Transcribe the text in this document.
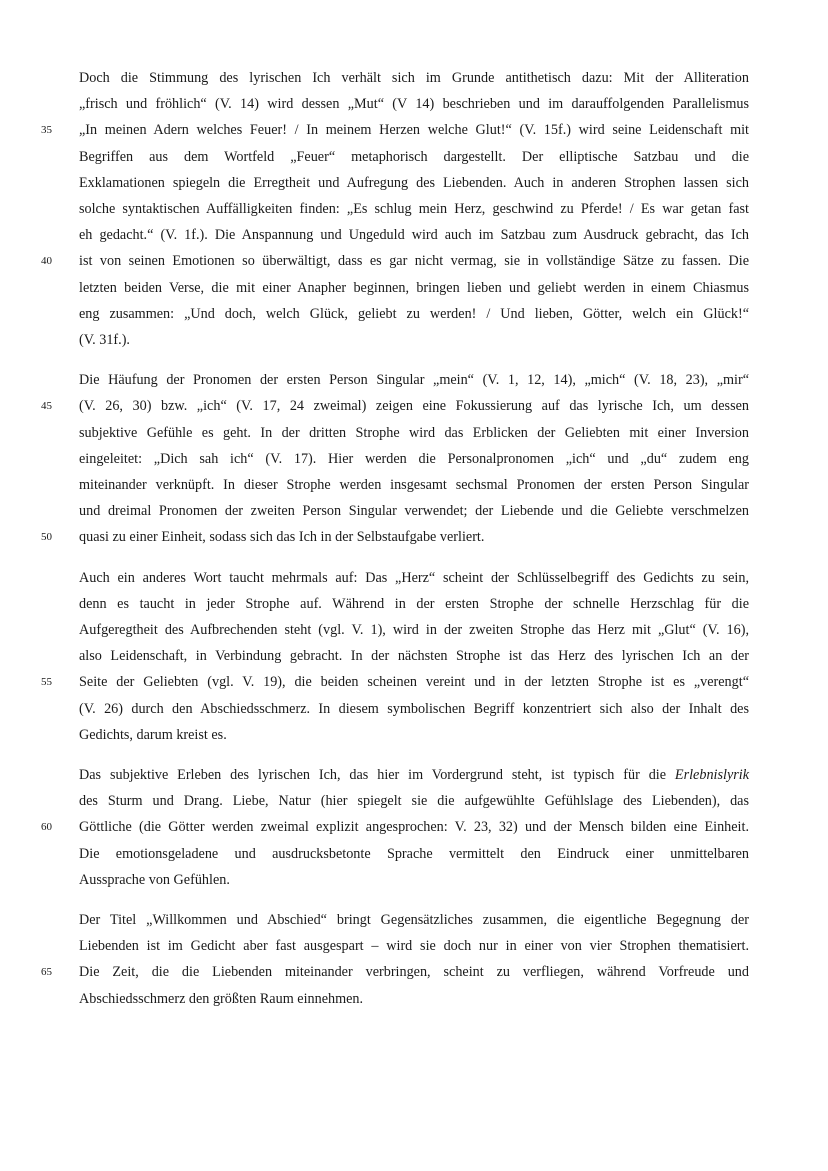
Doch die Stimmung des lyrischen Ich verhält sich im Grunde antithetisch dazu: Mit der Alliteration
„frisch und fröhlich“ (V. 14) wird dessen „Mut“ (V 14) beschrieben und im darauffolgenden Parallelismus
„In meinen Adern welches Feuer! / In meinem Herzen welche Glut!“ (V. 15f.) wird seine Leidenschaft mit
35
Begriffen aus dem Wortfeld „Feuer“ metaphorisch dargestellt. Der elliptische Satzbau und die
Exklamationen spiegeln die Erregtheit und Aufregung des Liebenden. Auch in anderen Strophen lassen sich
solche syntaktischen Auffälligkeiten finden: „Es schlug mein Herz, geschwind zu Pferde! / Es war getan fast
eh gedacht.“ (V. 1f.). Die Anspannung und Ungeduld wird auch im Satzbau zum Ausdruck gebracht, das Ich
ist von seinen Emotionen so überwältigt, dass es gar nicht vermag, sie in vollständige Sätze zu fassen. Die
40
letzten beiden Verse, die mit einer Anapher beginnen, bringen lieben und geliebt werden in einem Chiasmus
eng zusammen: „Und doch, welch Glück, geliebt zu werden! / Und lieben, Götter, welch ein Glück!“
(V. 31f.).
Die Häufung der Pronomen der ersten Person Singular „mein“ (V. 1, 12, 14), „mich“ (V. 18, 23), „mir“
(V. 26, 30) bzw. „ich“ (V. 17, 24 zweimal) zeigen eine Fokussierung auf das lyrische Ich, um dessen
45
subjektive Gefühle es geht. In der dritten Strophe wird das Erblicken der Geliebten mit einer Inversion
eingeleitet: „Dich sah ich“ (V. 17). Hier werden die Personalpronomen „ich“ und „du“ zudem eng
miteinander verknüpft. In dieser Strophe werden insgesamt sechsmal Pronomen der ersten Person Singular
und dreimal Pronomen der zweiten Person Singular verwendet; der Liebende und die Geliebte verschmelzen
quasi zu einer Einheit, sodass sich das Ich in der Selbstaufgabe verliert.
50
Auch ein anderes Wort taucht mehrmals auf: Das „Herz“ scheint der Schlüsselbegriff des Gedichts zu sein,
denn es taucht in jeder Strophe auf. Während in der ersten Strophe der schnelle Herzschlag für die
Aufgeregtheit des Aufbrechenden steht (vgl. V. 1), wird in der zweiten Strophe das Herz mit „Glut“ (V. 16),
also Leidenschaft, in Verbindung gebracht. In der nächsten Strophe ist das Herz des lyrischen Ich an der
Seite der Geliebten (vgl. V. 19), die beiden scheinen vereint und in der letzten Strophe ist es „verengt“
55
(V. 26) durch den Abschiedsschmerz. In diesem symbolischen Begriff konzentriert sich also der Inhalt des
Gedichts, darum kreist es.
Das subjektive Erleben des lyrischen Ich, das hier im Vordergrund steht, ist typisch für die Erlebnislyrik
des Sturm und Drang. Liebe, Natur (hier spiegelt sie die aufgewühlte Gefühlslage des Liebenden), das
Göttliche (die Götter werden zweimal explizit angesprochen: V. 23, 32) und der Mensch bilden eine Einheit.
60
Die emotionsgeladene und ausdrucksbetonte Sprache vermittelt den Eindruck einer unmittelbaren
Aussprache von Gefühlen.
Der Titel „Willkommen und Abschied“ bringt Gegensätzliches zusammen, die eigentliche Begegnung der
Liebenden ist im Gedicht aber fast ausgespart – wird sie doch nur in einer von vier Strophen thematisiert.
Die Zeit, die die Liebenden miteinander verbringen, scheint zu verfliegen, während Vorfreude und
65
Abschiedsschmerz den größten Raum einnehmen.
